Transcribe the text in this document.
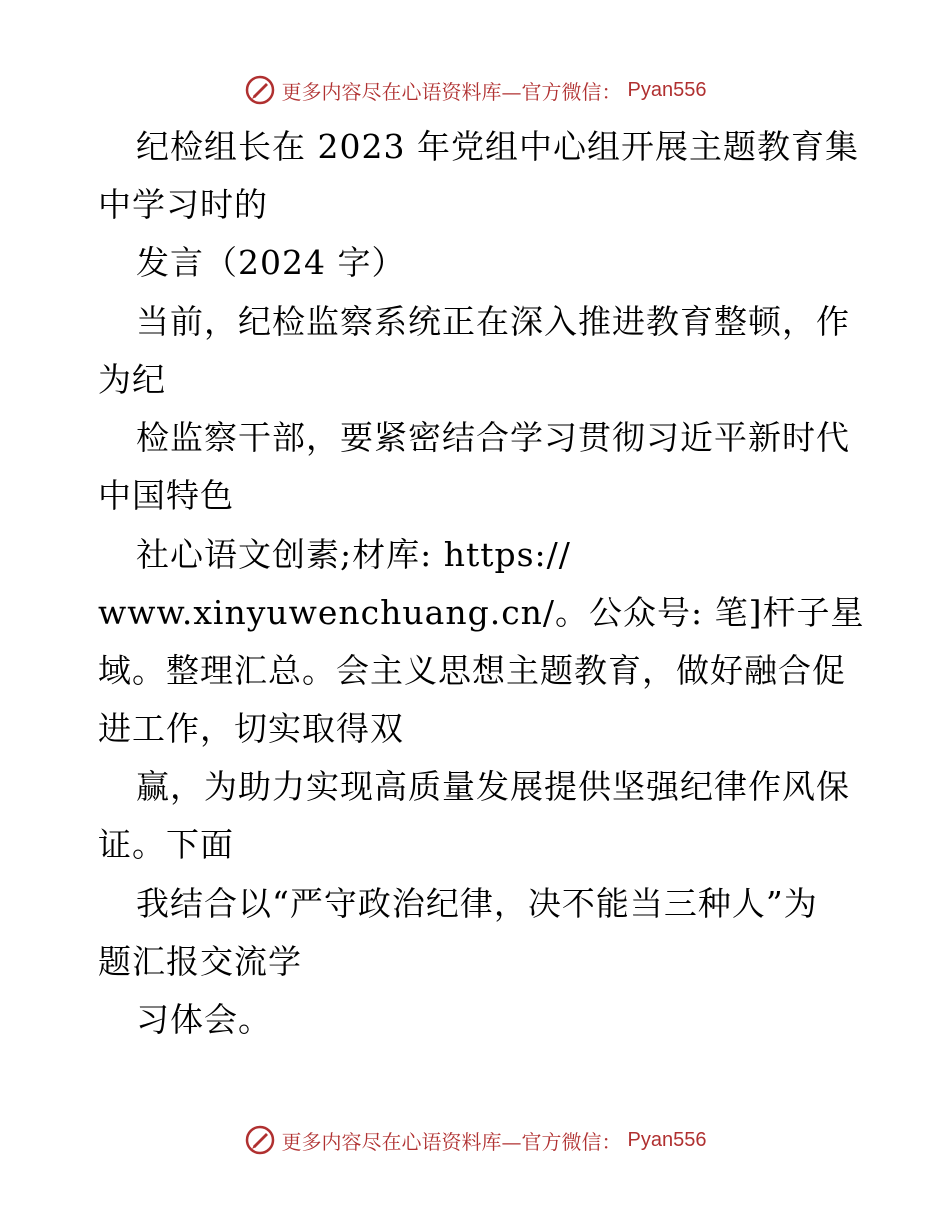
更多内容尽在心语资料库—官方微信： Pyan556
纪检组长在 2023 年党组中心组开展主题教育集
中学习时的
发言（2024 字）
当前，纪检监察系统正在深入推进教育整顿，作
为纪
检监察干部，要紧密结合学习贯彻习近平新时代
中国特色
社心语文创素;材库: https://
www.xinyuwenchuang.cn/。公众号: 笔]杆子星
域。整理汇总。会主义思想主题教育，做好融合促
进工作，切实取得双
赢，为助力实现高质量发展提供坚强纪律作风保
证。下面
我结合以“严守政治纪律，决不能当三种人”为
题汇报交流学
习体会。
更多内容尽在心语资料库—官方微信： Pyan556
